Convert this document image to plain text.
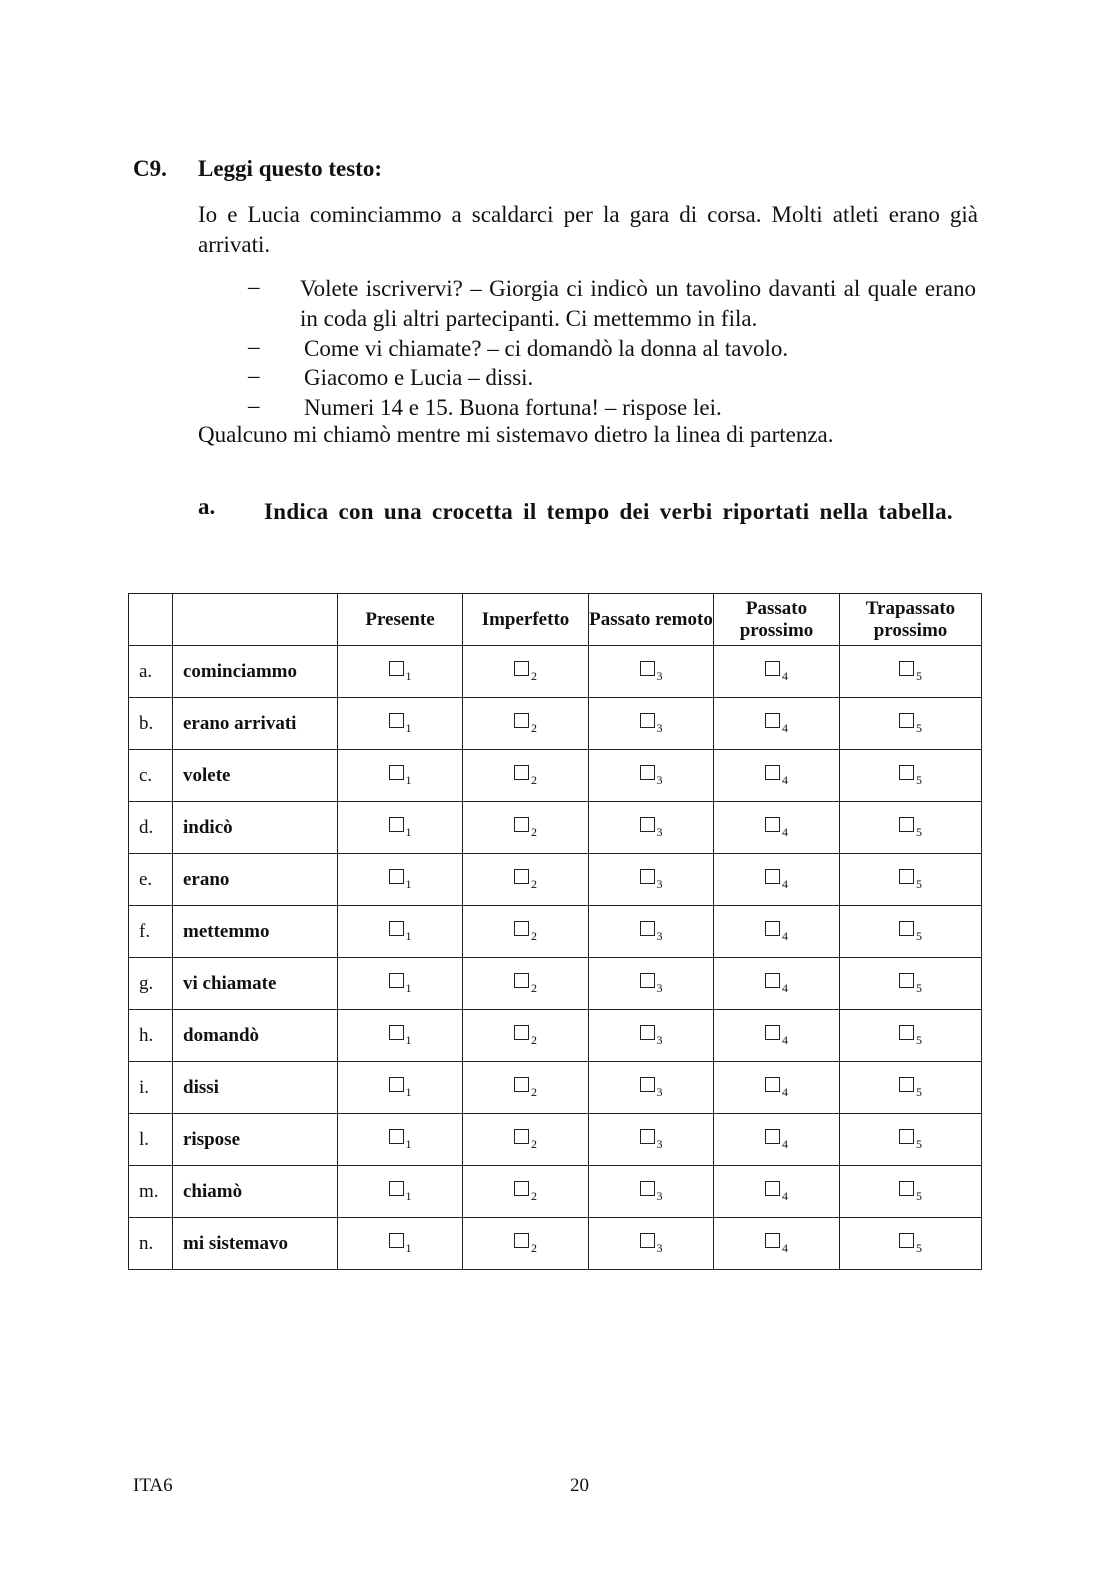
C9. Leggi questo testo:
Io e Lucia cominciammo a scaldarci per la gara di corsa. Molti atleti erano già arrivati.
– Volete iscrivervi? – Giorgia ci indicò un tavolino davanti al quale erano in coda gli altri partecipanti. Ci mettemmo in fila.
– Come vi chiamate? – ci domandò la donna al tavolo.
– Giacomo e Lucia – dissi.
– Numeri 14 e 15. Buona fortuna! – rispose lei.
Qualcuno mi chiamò mentre mi sistemavo dietro la linea di partenza.
a. Indica con una crocetta il tempo dei verbi riportati nella tabella.
		Presente	Imperfetto	Passato remoto	Passato prossimo	Trapassato prossimo
a.	cominciammo	$_1$	$_2$	$_3$	$_4$	$_5$
b.	erano arrivati	$_1$	$_2$	$_3$	$_4$	$_5$
c.	volete	$_1$	$_2$	$_3$	$_4$	$_5$
d.	indicò	$_1$	$_2$	$_3$	$_4$	$_5$
e.	erano	$_1$	$_2$	$_3$	$_4$	$_5$
f.	mettemmo	$_1$	$_2$	$_3$	$_4$	$_5$
g.	vi chiamate	$_1$	$_2$	$_3$	$_4$	$_5$
h.	domandò	$_1$	$_2$	$_3$	$_4$	$_5$
i.	dissi	$_1$	$_2$	$_3$	$_4$	$_5$
l.	rispose	$_1$	$_2$	$_3$	$_4$	$_5$
m.	chiamò	$_1$	$_2$	$_3$	$_4$	$_5$
n.	mi sistemavo	$_1$	$_2$	$_3$	$_4$	$_5$
ITA6	20
